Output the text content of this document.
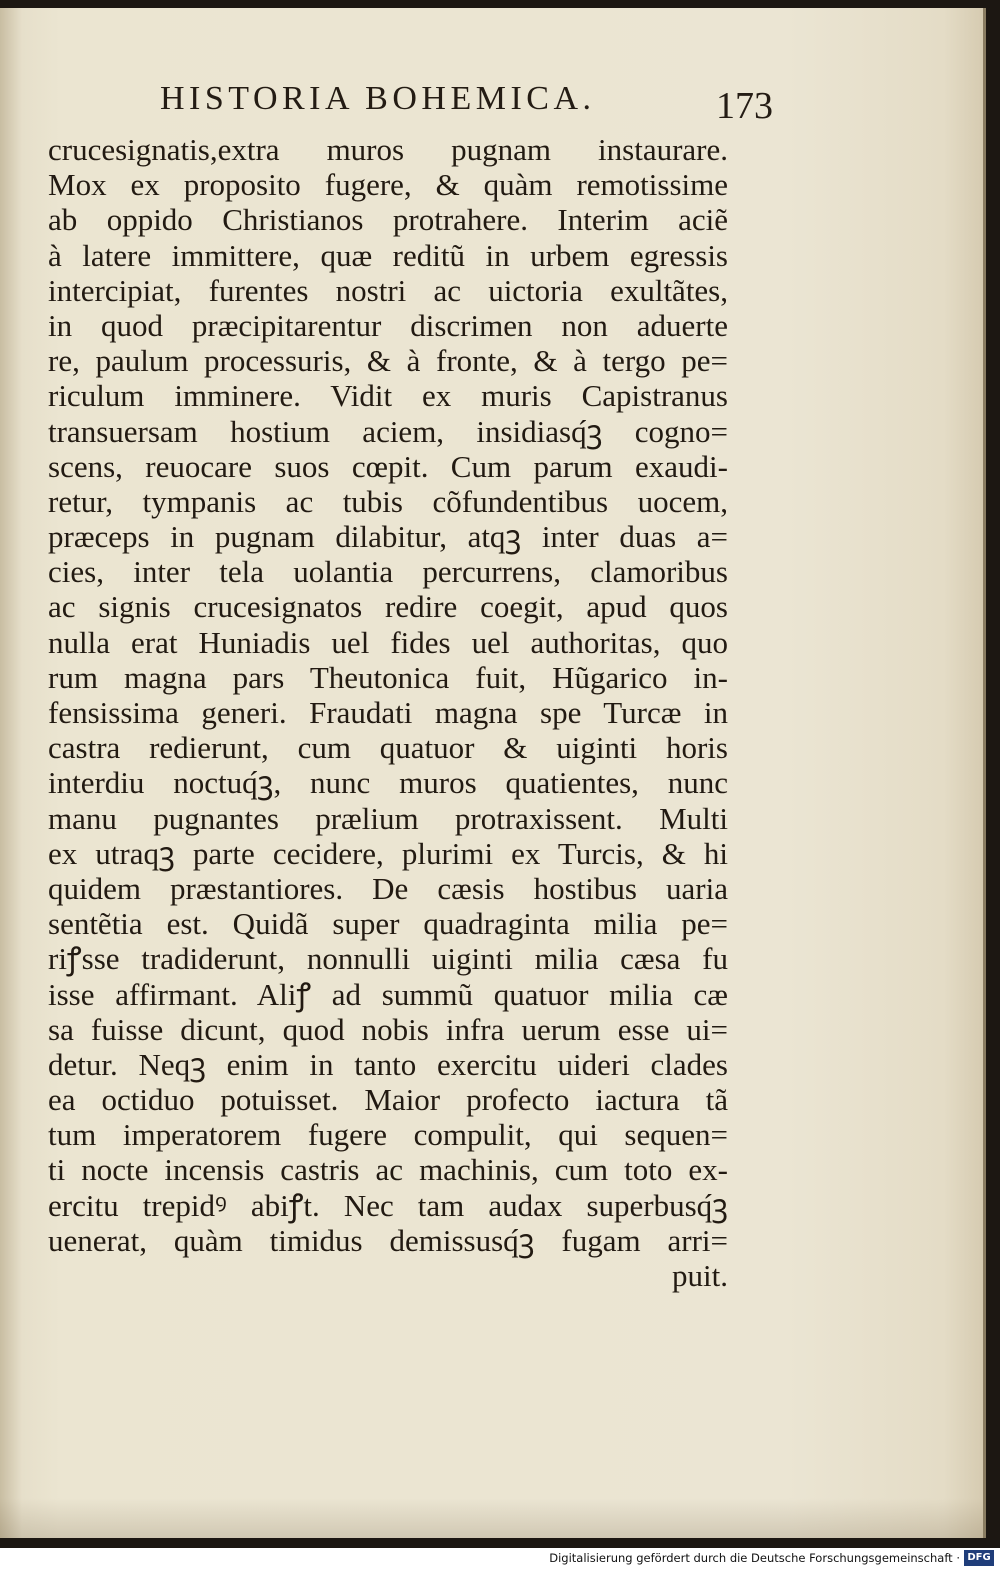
HISTORIA BOHEMICA.	173
crucesignatis,extra muros pugnam instaurare.
Mox ex proposito fugere, & quàm remotissime
ab oppido Christianos protrahere. Interim aciẽ
à latere immittere, quæ reditũ in urbem egressis
intercipiat, furentes nostri ac uictoria exultãtes,
in quod præcipitarentur discrimen non aduerte
re, paulum processuris, & à fronte, & à tergo pe=
riculum imminere. Vidit ex muris Capistranus
transuersam hostium aciem, insidiasq́ꝫ cogno=
scens, reuocare suos cœpit. Cum parum exaudi-
retur, tympanis ac tubis cõfundentibus uocem,
præceps in pugnam dilabitur, atqꝫ inter duas a=
cies, inter tela uolantia percurrens, clamoribus
ac signis crucesignatos redire coegit, apud quos
nulla erat Huniadis uel fides uel authoritas, quo
rum magna pars Theutonica fuit, Hũgarico in-
fensissima generi. Fraudati magna spe Turcæ in
castra redierunt, cum quatuor & uiginti horis
interdiu noctuq́ꝫ, nunc muros quatientes, nunc
manu pugnantes prælium protraxissent. Multi
ex utraqꝫ parte cecidere, plurimi ex Turcis, & hi
quidem præstantiores. De cæsis hostibus uaria
sentẽtia est. Quidã super quadraginta milia pe=
riꝭsse tradiderunt, nonnulli uiginti milia cæsa fu
isse affirmant. Aliꝭ ad summũ quatuor milia cæ
sa fuisse dicunt, quod nobis infra uerum esse ui=
detur. Neqꝫ enim in tanto exercitu uideri clades
ea octiduo potuisset. Maior profecto iactura tã
tum imperatorem fugere compulit, qui sequen=
ti nocte incensis castris ac machinis, cum toto ex-
ercitu trepidꝰ abiꝭt. Nec tam audax superbusq́ꝫ
uenerat, quàm timidus demissusq́ꝫ fugam arri=
puit.
Digitalisierung gefördert durch die Deutsche Forschungsgemeinschaft · DFG
